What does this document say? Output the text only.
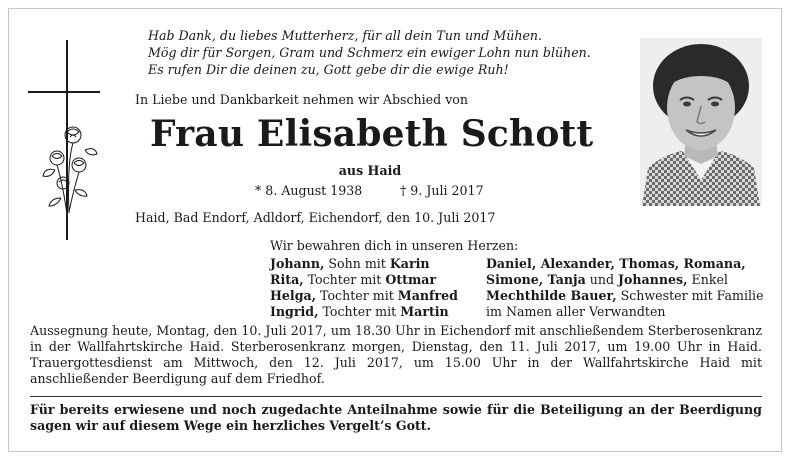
Hab Dank, du liebes Mutterherz, für all dein Tun und Mühen.
Mög dir für Sorgen, Gram und Schmerz ein ewiger Lohn nun blühen.
Es rufen Dir die deinen zu, Gott gebe dir die ewige Ruh!
In Liebe und Dankbarkeit nehmen wir Abschied von
Frau Elisabeth Schott
aus Haid
* 8. August 1938	† 9. Juli 2017
Haid, Bad Endorf, Adldorf, Eichendorf, den 10. Juli 2017
Wir bewahren dich in unseren Herzen:
Johann, Sohn mit Karin
Rita, Tochter mit Ottmar
Helga, Tochter mit Manfred
Ingrid, Tochter mit Martin
Daniel, Alexander, Thomas, Romana,
Simone, Tanja und Johannes, Enkel
Mechthilde Bauer, Schwester mit Familie
im Namen aller Verwandten
Aussegnung heute, Montag, den 10. Juli 2017, um 18.30 Uhr in Eichendorf mit anschließendem Sterberosenkranz in der Wallfahrtskirche Haid. Sterberosenkranz morgen, Dienstag, den 11. Juli 2017, um 19.00 Uhr in Haid. Trauergottesdienst am Mittwoch, den 12. Juli 2017, um 15.00 Uhr in der Wallfahrtskirche Haid mit anschließender Beerdigung auf dem Friedhof.
Für bereits erwiesene und noch zugedachte Anteilnahme sowie für die Beteiligung an der Beerdigung sagen wir auf diesem Wege ein herzliches Vergelt’s Gott.
